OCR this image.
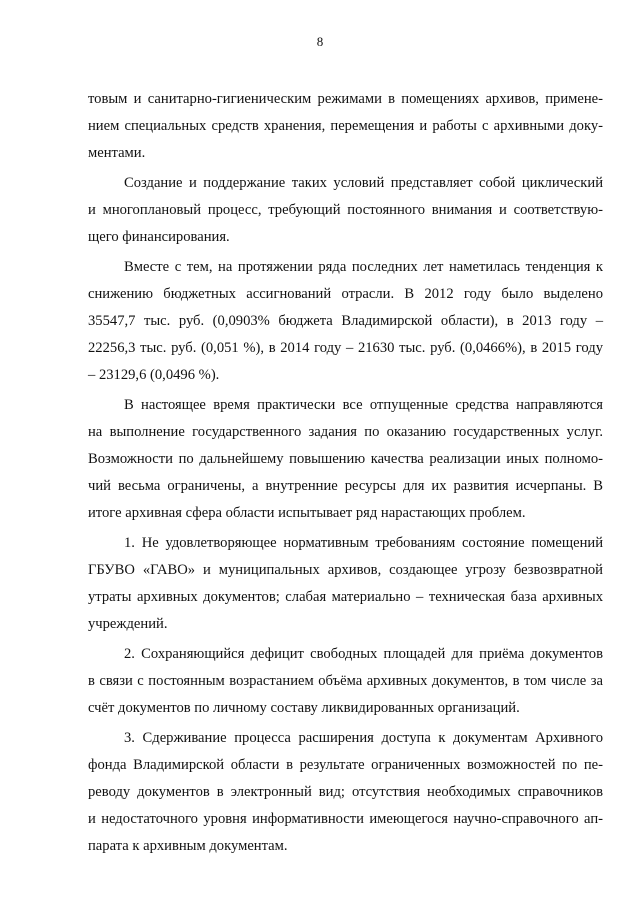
8

товым и санитарно-гигиеническим режимами в помещениях архивов, примене-
нием специальных средств хранения, перемещения и работы с архивными доку-
ментами.

Создание и поддержание таких условий представляет собой циклический
и многоплановый процесс, требующий постоянного внимания и соответствую-
щего финансирования.

Вместе с тем, на протяжении ряда последних лет наметилась тенденция к
снижению бюджетных ассигнований отрасли. В 2012 году было выделено
35547,7 тыс. руб. (0,0903% бюджета Владимирской области), в 2013 году –
22256,3 тыс. руб. (0,051 %), в 2014 году – 21630 тыс. руб. (0,0466%), в 2015 году
– 23129,6 (0,0496 %).

В настоящее время практически все отпущенные средства направляются
на выполнение государственного задания по оказанию государственных услуг.
Возможности по дальнейшему повышению качества реализации иных полномо-
чий весьма ограничены, а внутренние ресурсы для их развития исчерпаны. В
итоге архивная сфера области испытывает ряд нарастающих проблем.

1. Не удовлетворяющее нормативным требованиям состояние помещений
ГБУВО «ГАВО» и муниципальных архивов, создающее угрозу безвозвратной
утраты архивных документов; слабая материально – техническая база архивных
учреждений.

2. Сохраняющийся дефицит свободных площадей для приёма документов
в связи с постоянным возрастанием объёма архивных документов, в том числе за
счёт документов по личному составу ликвидированных организаций.

3. Сдерживание процесса расширения доступа к документам Архивного
фонда Владимирской области в результате ограниченных возможностей по пе-
реводу документов в электронный вид; отсутствия необходимых справочников
и недостаточного уровня информативности имеющегося научно-справочного ап-
парата к архивным документам.
